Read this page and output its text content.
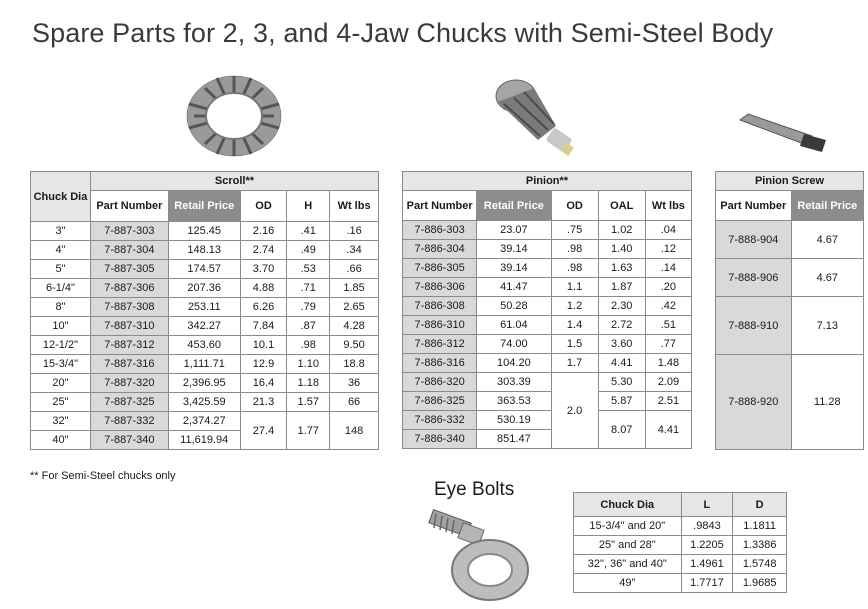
Spare Parts for 2, 3, and 4-Jaw Chucks with Semi-Steel Body
Chuck Dia	Scroll**				
	Part Number	Retail Price	OD	H	Wt lbs
3"	7-887-303	125.45	2.16	.41	.16
4"	7-887-304	148.13	2.74	.49	.34
5"	7-887-305	174.57	3.70	.53	.66
6-1/4"	7-887-306	207.36	4.88	.71	1.85
8"	7-887-308	253.11	6.26	.79	2.65
10"	7-887-310	342.27	7.84	.87	4.28
12-1/2"	7-887-312	453.60	10.1	.98	9.50
15-3/4"	7-887-316	1,111.71	12.9	1.10	18.8
20"	7-887-320	2,396.95	16.4	1.18	36
25"	7-887-325	3,425.59	21.3	1.57	66
32"	7-887-332	2,374.27	27.4	1.77	148
40"	7-887-340	11,619.94			
Pinion**				
Part Number	Retail Price	OD	OAL	Wt lbs
7-886-303	23.07	.75	1.02	.04
7-886-304	39.14	.98	1.40	.12
7-886-305	39.14	.98	1.63	.14
7-886-306	41.47	1.1	1.87	.20
7-886-308	50.28	1.2	2.30	.42
7-886-310	61.04	1.4	2.72	.51
7-886-312	74.00	1.5	3.60	.77
7-886-316	104.20	1.7	4.41	1.48
7-886-320	303.39	2.0	5.30	2.09
7-886-325	363.53		5.87	2.51
7-886-332	530.19		8.07	4.41
7-886-340	851.47			
Pinion Screw	
Part Number	Retail Price
7-888-904	4.67
7-888-906	4.67
7-888-910	7.13
7-888-920	11.28
** For Semi-Steel chucks only
Eye Bolts
Chuck Dia	L	D
15-3/4" and 20"	.9843	1.1811
25" and 28"	1.2205	1.3386
32", 36" and 40"	1.4961	1.5748
49"	1.7717	1.9685
